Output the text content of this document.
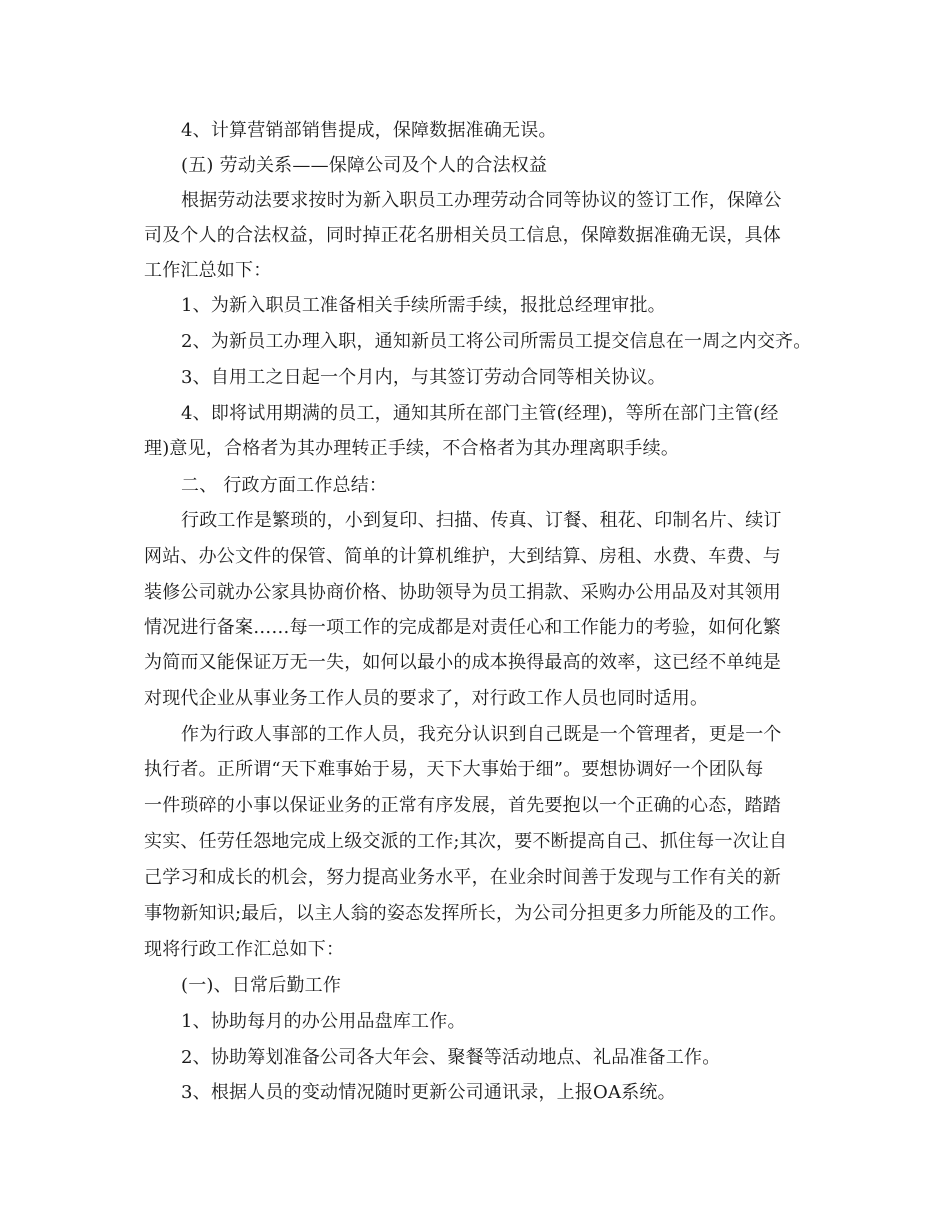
4、计算营销部销售提成，保障数据准确无误。
(五) 劳动关系——保障公司及个人的合法权益
根据劳动法要求按时为新入职员工办理劳动合同等协议的签订工作，保障公
司及个人的合法权益，同时掉正花名册相关员工信息，保障数据准确无误，具体
工作汇总如下：
1、为新入职员工准备相关手续所需手续，报批总经理审批。
2、为新员工办理入职，通知新员工将公司所需员工提交信息在一周之内交齐。
3、自用工之日起一个月内，与其签订劳动合同等相关协议。
4、即将试用期满的员工，通知其所在部门主管(经理)，等所在部门主管(经
理)意见，合格者为其办理转正手续，不合格者为其办理离职手续。
二、 行政方面工作总结：
行政工作是繁琐的，小到复印、扫描、传真、订餐、租花、印制名片、续订
网站、办公文件的保管、简单的计算机维护，大到结算、房租、水费、车费、与
装修公司就办公家具协商价格、协助领导为员工捐款、采购办公用品及对其领用
情况进行备案……每一项工作的完成都是对责任心和工作能力的考验，如何化繁
为简而又能保证万无一失，如何以最小的成本换得最高的效率，这已经不单纯是
对现代企业从事业务工作人员的要求了，对行政工作人员也同时适用。
作为行政人事部的工作人员，我充分认识到自己既是一个管理者，更是一个
执行者。正所谓“天下难事始于易，天下大事始于细”。要想协调好一个团队每
一件琐碎的小事以保证业务的正常有序发展，首先要抱以一个正确的心态，踏踏
实实、任劳任怨地完成上级交派的工作;其次，要不断提高自己、抓住每一次让自
己学习和成长的机会，努力提高业务水平，在业余时间善于发现与工作有关的新
事物新知识;最后，以主人翁的姿态发挥所长，为公司分担更多力所能及的工作。
现将行政工作汇总如下：
(一)、日常后勤工作
1、协助每月的办公用品盘库工作。
2、协助筹划准备公司各大年会、聚餐等活动地点、礼品准备工作。
3、根据人员的变动情况随时更新公司通讯录，上报OA系统。
